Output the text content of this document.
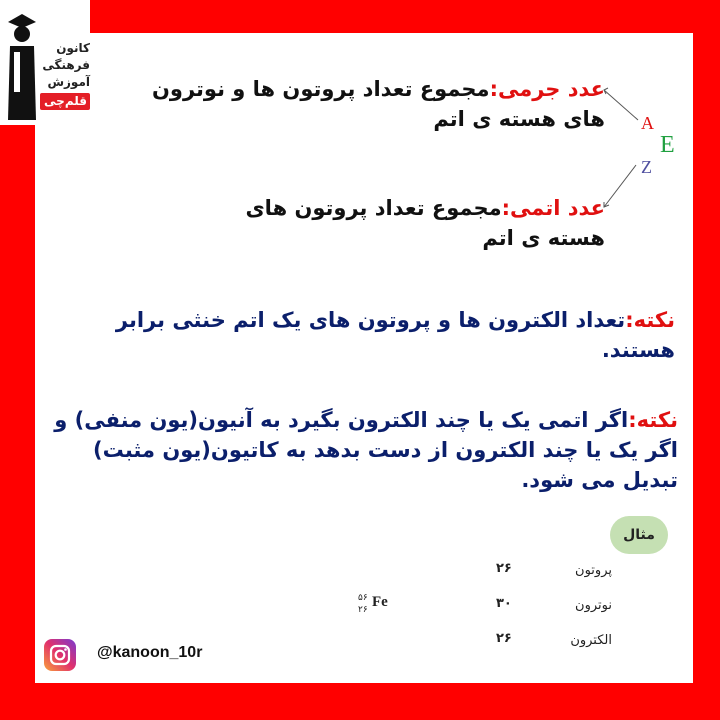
کانون
فرهنگی
آموزش
قلم‌چی	عدد جرمی:مجموع تعداد پروتون ها و نوترون های هسته ی اتم
عدد اتمی:مجموع تعداد پروتون های هسته ی اتم
A
E
Z
نکته:تعداد الکترون ها و پروتون های یک اتم خنثی برابر هستند.
نکته:اگر اتمی یک یا چند الکترون بگیرد به آنیون(یون منفی) و اگر یک یا چند الکترون از دست بدهد به کاتیون(یون مثبت) تبدیل می شود.
مثال
پروتون
۲۶
نوترون
۳۰
الکترون
۲۶
۵۶
۲۶ Fe
@kanoon_10r
